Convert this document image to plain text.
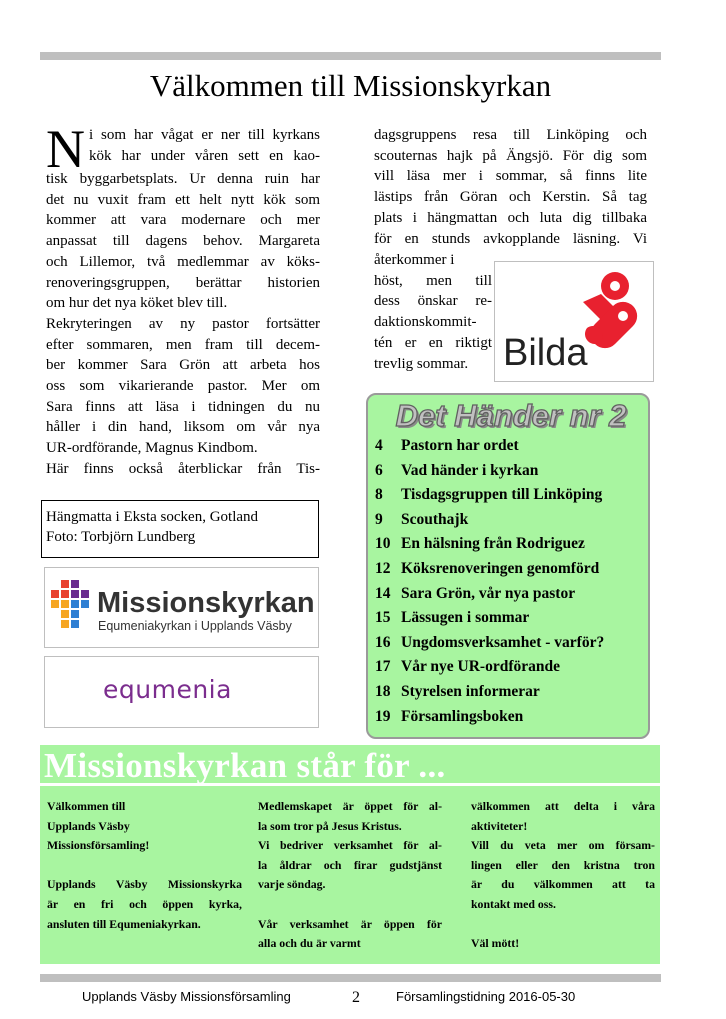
Välkommen till Missionskyrkan
N i som har vågat er ner till kyrkans
kök har under våren sett en kao-
tisk byggarbetsplats. Ur denna ruin har
det nu vuxit fram ett helt nytt kök som
kommer att vara modernare och mer
anpassat till dagens behov. Margareta
och Lillemor, två medlemmar av köks-
renoveringsgruppen, berättar historien
om hur det nya köket blev till.
Rekryteringen av ny pastor fortsätter
efter sommaren, men fram till decem-
ber kommer Sara Grön att arbeta hos
oss som vikarierande pastor. Mer om
Sara finns att läsa i tidningen du nu
håller i din hand, liksom om vår nya
UR-ordförande, Magnus Kindbom.
Här finns också återblickar från Tis-
dagsgruppens resa till Linköping och
scouternas hajk på Ängsjö. För dig som
vill läsa mer i sommar, så finns lite
lästips från Göran och Kerstin. Så tag
plats i hängmattan och luta dig tillbaka
för en stunds avkopplande läsning. Vi
återkommer i
höst, men till
dess önskar re-
daktionskommit-
tén er en riktigt
trevlig sommar. Bilda
Hängmatta i Eksta socken, Gotland
Foto: Torbjörn Lundberg
Missionskyrkan
Equmeniakyrkan i Upplands Väsby
equmenia
Det Händer nr 2
4 Pastorn har ordet
6 Vad händer i kyrkan
8 Tisdagsgruppen till Linköping
9 Scouthajk
10 En hälsning från Rodriguez
12 Köksrenoveringen genomförd
14 Sara Grön, vår nya pastor
15 Lässugen i sommar
16 Ungdomsverksamhet - varför?
17 Vår nye UR-ordförande
18 Styrelsen informerar
19 Församlingsboken
Missionskyrkan står för ...
Välkommen till
Upplands Väsby
Missionsförsamling!
Upplands Väsby Missionskyrka
är en fri och öppen kyrka,
ansluten till Equmeniakyrkan.
Medlemskapet är öppet för al-
la som tror på Jesus Kristus.
Vi bedriver verksamhet för al-
la åldrar och firar gudstjänst
varje söndag.
Vår verksamhet är öppen för
alla och du är varmt
välkommen att delta i våra
aktiviteter!
Vill du veta mer om försam-
lingen eller den kristna tron
är du välkommen att ta
kontakt med oss.
Väl mött!
Upplands Väsby Missionsförsamling	2	Församlingstidning 2016-05-30
